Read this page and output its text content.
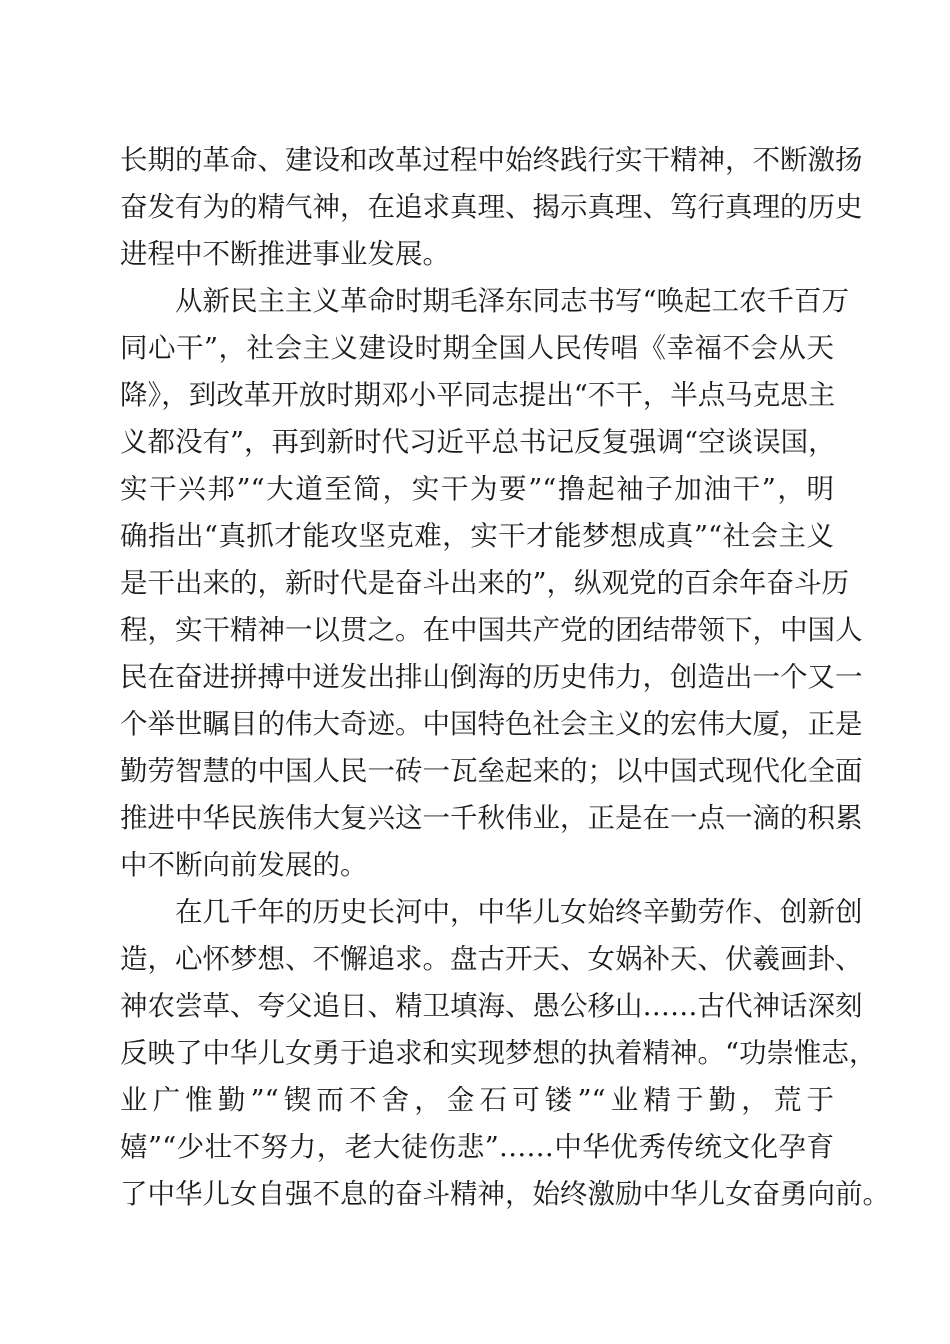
长期的革命、建设和改革过程中始终践行实干精神，不断激扬

奋发有为的精气神，在追求真理、揭示真理、笃行真理的历史

进程中不断推进事业发展。

从新民主主义革命时期毛泽东同志书写“唤起工农千百万

同心干”，社会主义建设时期全国人民传唱《幸福不会从天

降》，到改革开放时期邓小平同志提出“不干，半点马克思主

义都没有”，再到新时代习近平总书记反复强调“空谈误国，

实干兴邦”“大道至简，实干为要”“撸起袖子加油干”，明

确指出“真抓才能攻坚克难，实干才能梦想成真”“社会主义

是干出来的，新时代是奋斗出来的”，纵观党的百余年奋斗历

程，实干精神一以贯之。在中国共产党的团结带领下，中国人

民在奋进拼搏中迸发出排山倒海的历史伟力，创造出一个又一

个举世瞩目的伟大奇迹。中国特色社会主义的宏伟大厦，正是

勤劳智慧的中国人民一砖一瓦垒起来的；以中国式现代化全面

推进中华民族伟大复兴这一千秋伟业，正是在一点一滴的积累

中不断向前发展的。

在几千年的历史长河中，中华儿女始终辛勤劳作、创新创

造，心怀梦想、不懈追求。盘古开天、女娲补天、伏羲画卦、

神农尝草、夸父追日、精卫填海、愚公移山……古代神话深刻

反映了中华儿女勇于追求和实现梦想的执着精神。“功崇惟志，

业广惟勤”“锲而不舍，金石可镂”“业精于勤，荒于

嬉”“少壮不努力，老大徒伤悲”……中华优秀传统文化孕育

了中华儿女自强不息的奋斗精神，始终激励中华儿女奋勇向前。
